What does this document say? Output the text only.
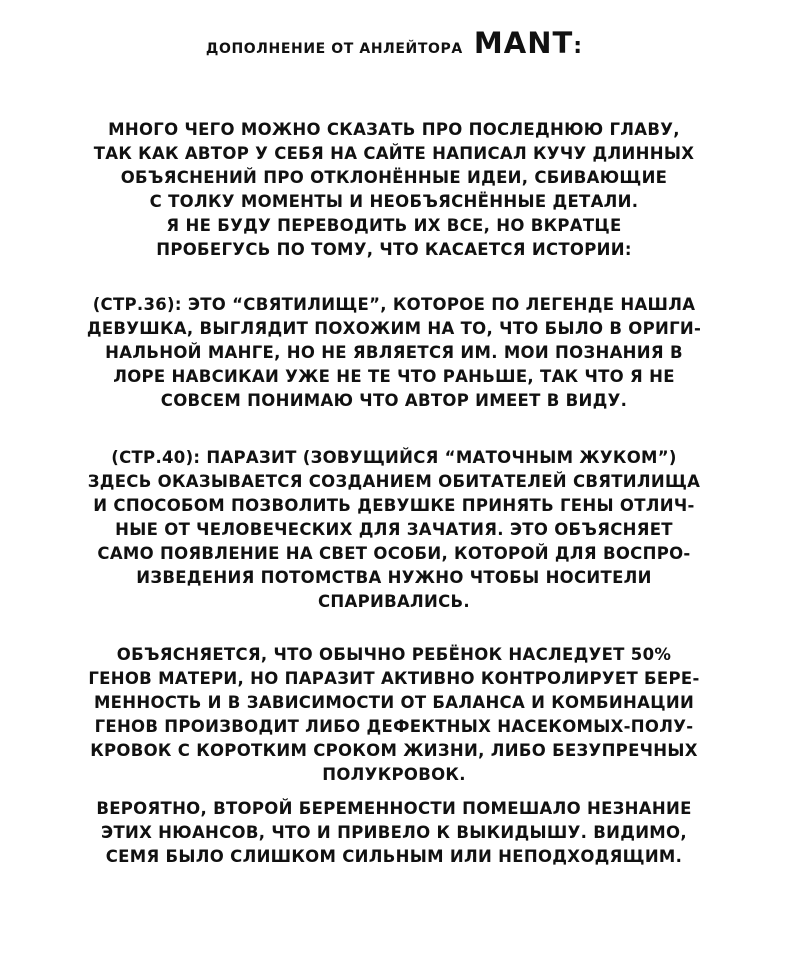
ДОПОЛНЕНИЕ ОТ АНЛЕЙТОРА MANT:

МНОГО ЧЕГО МОЖНО СКАЗАТЬ ПРО ПОСЛЕДНЮЮ ГЛАВУ,
ТАК КАК АВТОР У СЕБЯ НА САЙТЕ НАПИСАЛ КУЧУ ДЛИННЫХ
ОБЪЯСНЕНИЙ ПРО ОТКЛОНЁННЫЕ ИДЕИ, СБИВАЮЩИЕ
С ТОЛКУ МОМЕНТЫ И НЕОБЪЯСНЁННЫЕ ДЕТАЛИ.
Я НЕ БУДУ ПЕРЕВОДИТЬ ИХ ВСЕ, НО ВКРАТЦЕ
ПРОБЕГУСЬ ПО ТОМУ, ЧТО КАСАЕТСЯ ИСТОРИИ:

(СТР.36): ЭТО “СВЯТИЛИЩЕ”, КОТОРОЕ ПО ЛЕГЕНДЕ НАШЛА
ДЕВУШКА, ВЫГЛЯДИТ ПОХОЖИМ НА ТО, ЧТО БЫЛО В ОРИГИ-
НАЛЬНОЙ МАНГЕ, НО НЕ ЯВЛЯЕТСЯ ИМ. МОИ ПОЗНАНИЯ В
ЛОРЕ НАВСИКАИ УЖЕ НЕ ТЕ ЧТО РАНЬШЕ, ТАК ЧТО Я НЕ
СОВСЕМ ПОНИМАЮ ЧТО АВТОР ИМЕЕТ В ВИДУ.

(СТР.40): ПАРАЗИТ (ЗОВУЩИЙСЯ “МАТОЧНЫМ ЖУКОМ”)
ЗДЕСЬ ОКАЗЫВАЕТСЯ СОЗДАНИЕМ ОБИТАТЕЛЕЙ СВЯТИЛИЩА
И СПОСОБОМ ПОЗВОЛИТЬ ДЕВУШКЕ ПРИНЯТЬ ГЕНЫ ОТЛИЧ-
НЫЕ ОТ ЧЕЛОВЕЧЕСКИХ ДЛЯ ЗАЧАТИЯ. ЭТО ОБЪЯСНЯЕТ
САМО ПОЯВЛЕНИЕ НА СВЕТ ОСОБИ, КОТОРОЙ ДЛЯ ВОСПРО-
ИЗВЕДЕНИЯ ПОТОМСТВА НУЖНО ЧТОБЫ НОСИТЕЛИ
СПАРИВАЛИСЬ.

ОБЪЯСНЯЕТСЯ, ЧТО ОБЫЧНО РЕБЁНОК НАСЛЕДУЕТ 50%
ГЕНОВ МАТЕРИ, НО ПАРАЗИТ АКТИВНО КОНТРОЛИРУЕТ БЕРЕ-
МЕННОСТЬ И В ЗАВИСИМОСТИ ОТ БАЛАНСА И КОМБИНАЦИИ
ГЕНОВ ПРОИЗВОДИТ ЛИБО ДЕФЕКТНЫХ НАСЕКОМЫХ-ПОЛУ-
КРОВОК С КОРОТКИМ СРОКОМ ЖИЗНИ, ЛИБО БЕЗУПРЕЧНЫХ
ПОЛУКРОВОК.

ВЕРОЯТНО, ВТОРОЙ БЕРЕМЕННОСТИ ПОМЕШАЛО НЕЗНАНИЕ
ЭТИХ НЮАНСОВ, ЧТО И ПРИВЕЛО К ВЫКИДЫШУ. ВИДИМО,
СЕМЯ БЫЛО СЛИШКОМ СИЛЬНЫМ ИЛИ НЕПОДХОДЯЩИМ.
